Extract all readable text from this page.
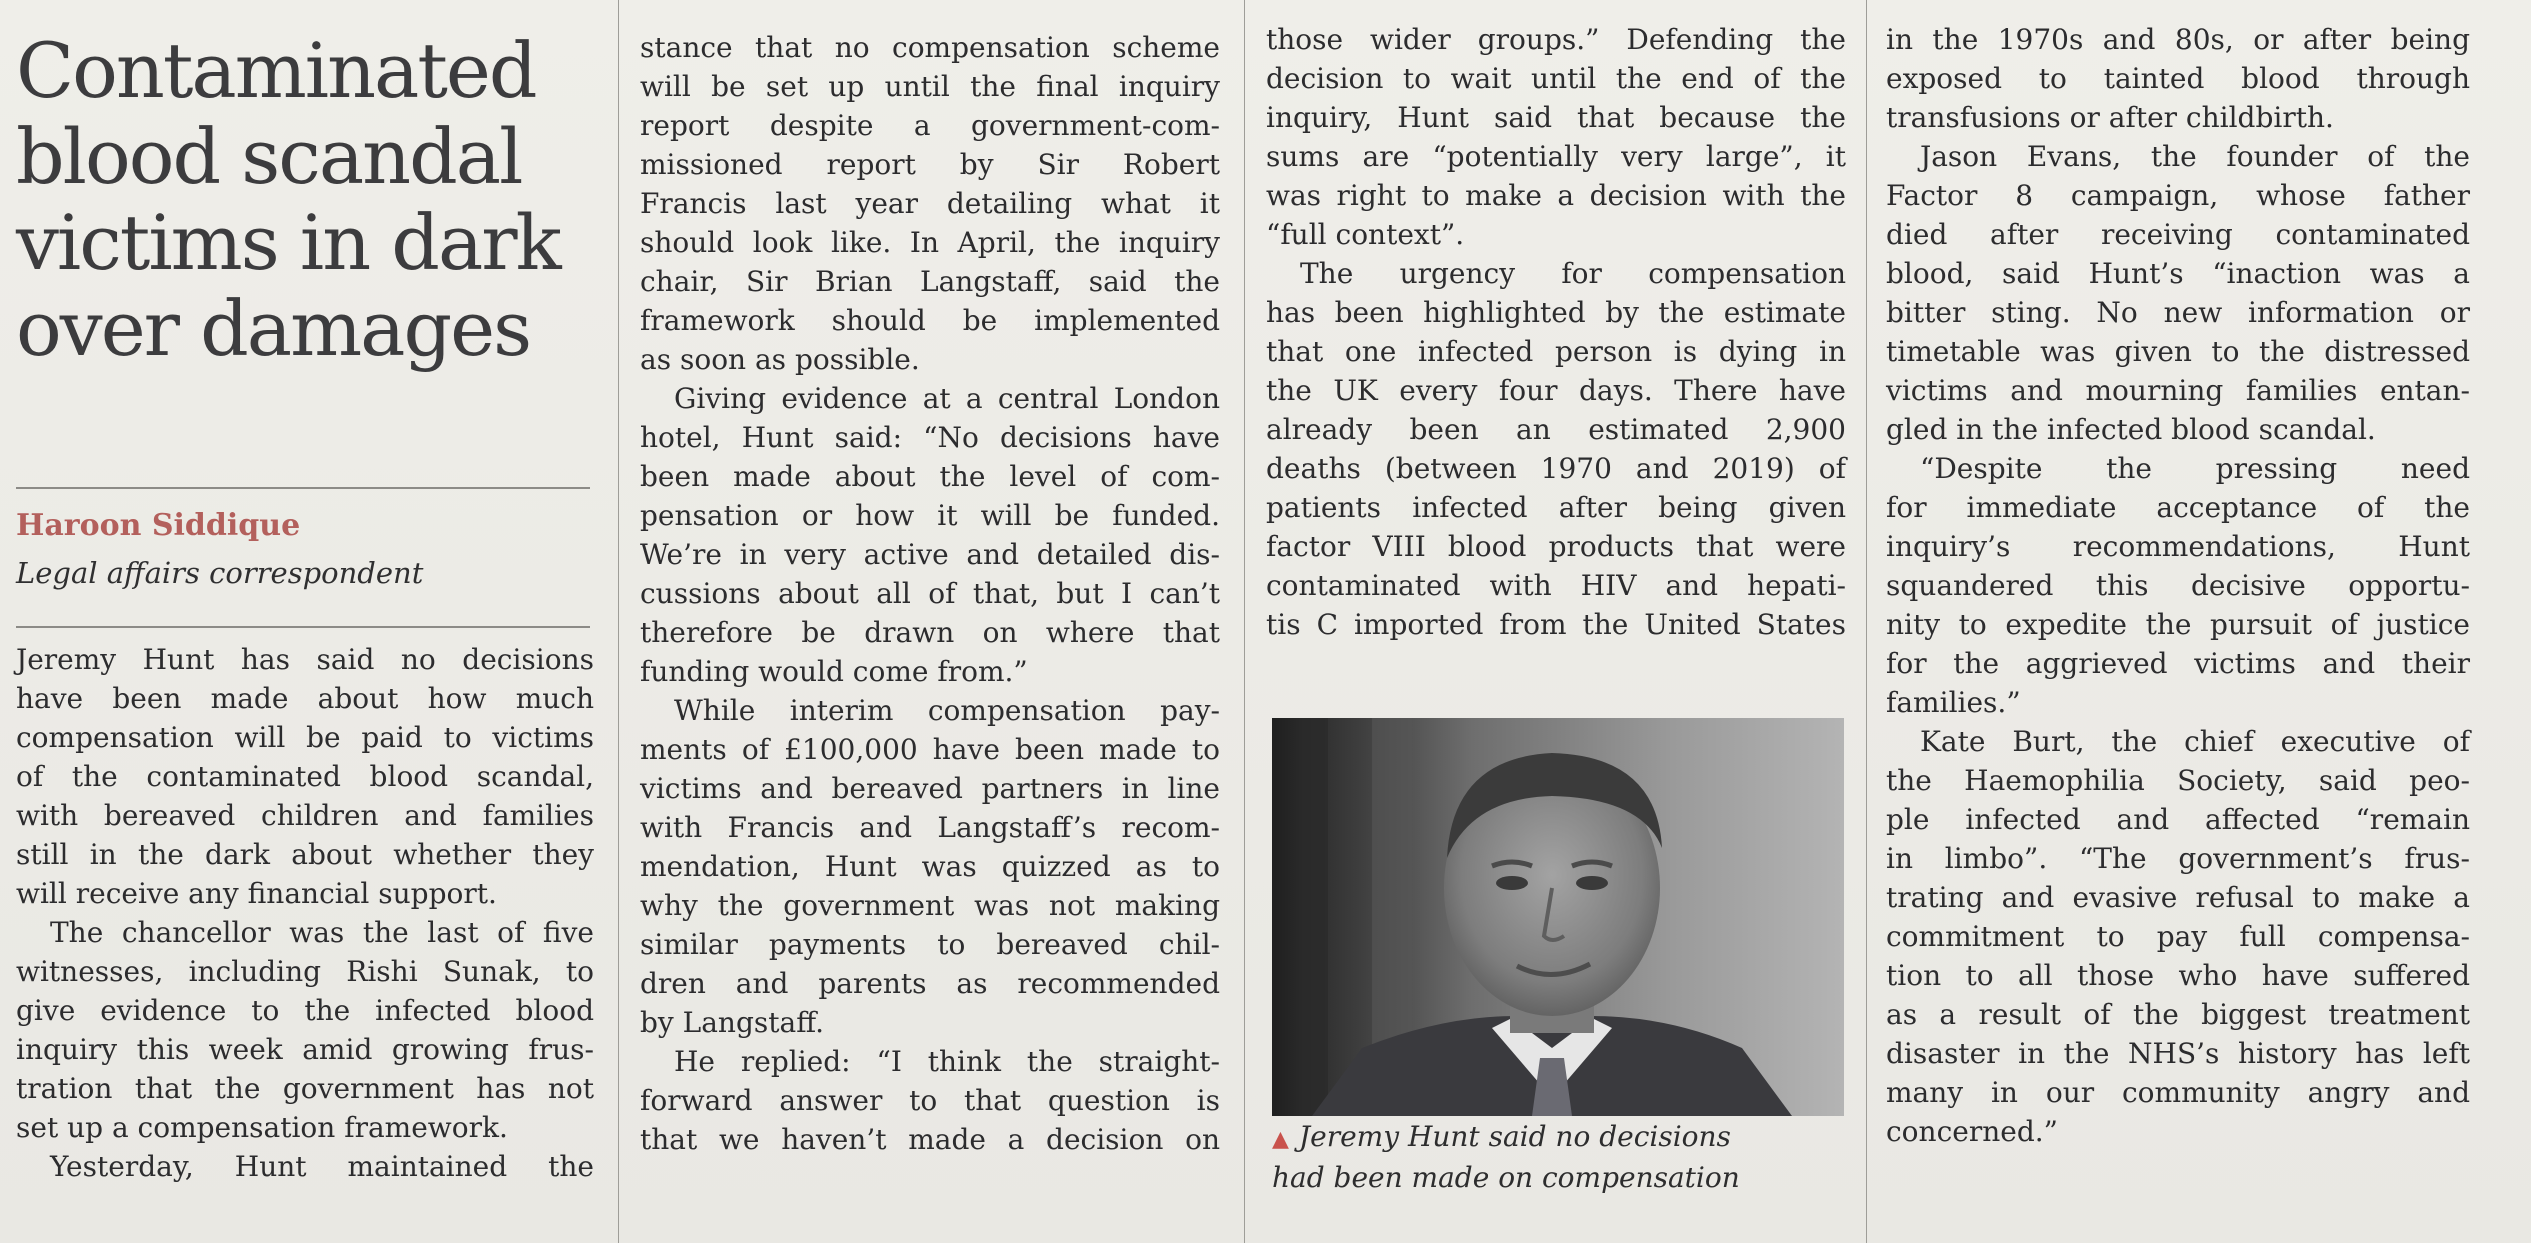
Contaminated
blood scandal
victims in dark
over damages

Haroon Siddique

Legal affairs correspondent

Jeremy Hunt has said no decisions
have been made about how much
compensation will be paid to victims
of the contaminated blood scandal,
with bereaved children and families
still in the dark about whether they
will receive any financial support.
The chancellor was the last of five
witnesses, including Rishi Sunak, to
give evidence to the infected blood
inquiry this week amid growing frus-
tration that the government has not
set up a compensation framework.
Yesterday, Hunt maintained the
stance that no compensation scheme
will be set up until the final inquiry
report despite a government-com-
missioned report by Sir Robert
Francis last year detailing what it
should look like. In April, the inquiry
chair, Sir Brian Langstaff, said the
framework should be implemented
as soon as possible.
Giving evidence at a central London
hotel, Hunt said: “No decisions have
been made about the level of com-
pensation or how it will be funded.
We’re in very active and detailed dis-
cussions about all of that, but I can’t
therefore be drawn on where that
funding would come from.”
While interim compensation pay-
ments of £100,000 have been made to
victims and bereaved partners in line
with Francis and Langstaff’s recom-
mendation, Hunt was quizzed as to
why the government was not making
similar payments to bereaved chil-
dren and parents as recommended
by Langstaff.
He replied: “I think the straight-
forward answer to that question is
that we haven’t made a decision on
those wider groups.” Defending the
decision to wait until the end of the
inquiry, Hunt said that because the
sums are “potentially very large”, it
was right to make a decision with the
“full context”.
The urgency for compensation
has been highlighted by the estimate
that one infected person is dying in
the UK every four days. There have
already been an estimated 2,900
deaths (between 1970 and 2019) of
patients infected after being given
factor VIII blood products that were
contaminated with HIV and hepati-
tis C imported from the United States
▲ Jeremy Hunt said no decisions
had been made on compensation
in the 1970s and 80s, or after being
exposed to tainted blood through
transfusions or after childbirth.
Jason Evans, the founder of the
Factor 8 campaign, whose father
died after receiving contaminated
blood, said Hunt’s “inaction was a
bitter sting. No new information or
timetable was given to the distressed
victims and mourning families entan-
gled in the infected blood scandal.
“Despite the pressing need
for immediate acceptance of the
inquiry’s recommendations, Hunt
squandered this decisive opportu-
nity to expedite the pursuit of justice
for the aggrieved victims and their
families.”
Kate Burt, the chief executive of
the Haemophilia Society, said peo-
ple infected and affected “remain
in limbo”. “The government’s frus-
trating and evasive refusal to make a
commitment to pay full compensa-
tion to all those who have suffered
as a result of the biggest treatment
disaster in the NHS’s history has left
many in our community angry and
concerned.”
